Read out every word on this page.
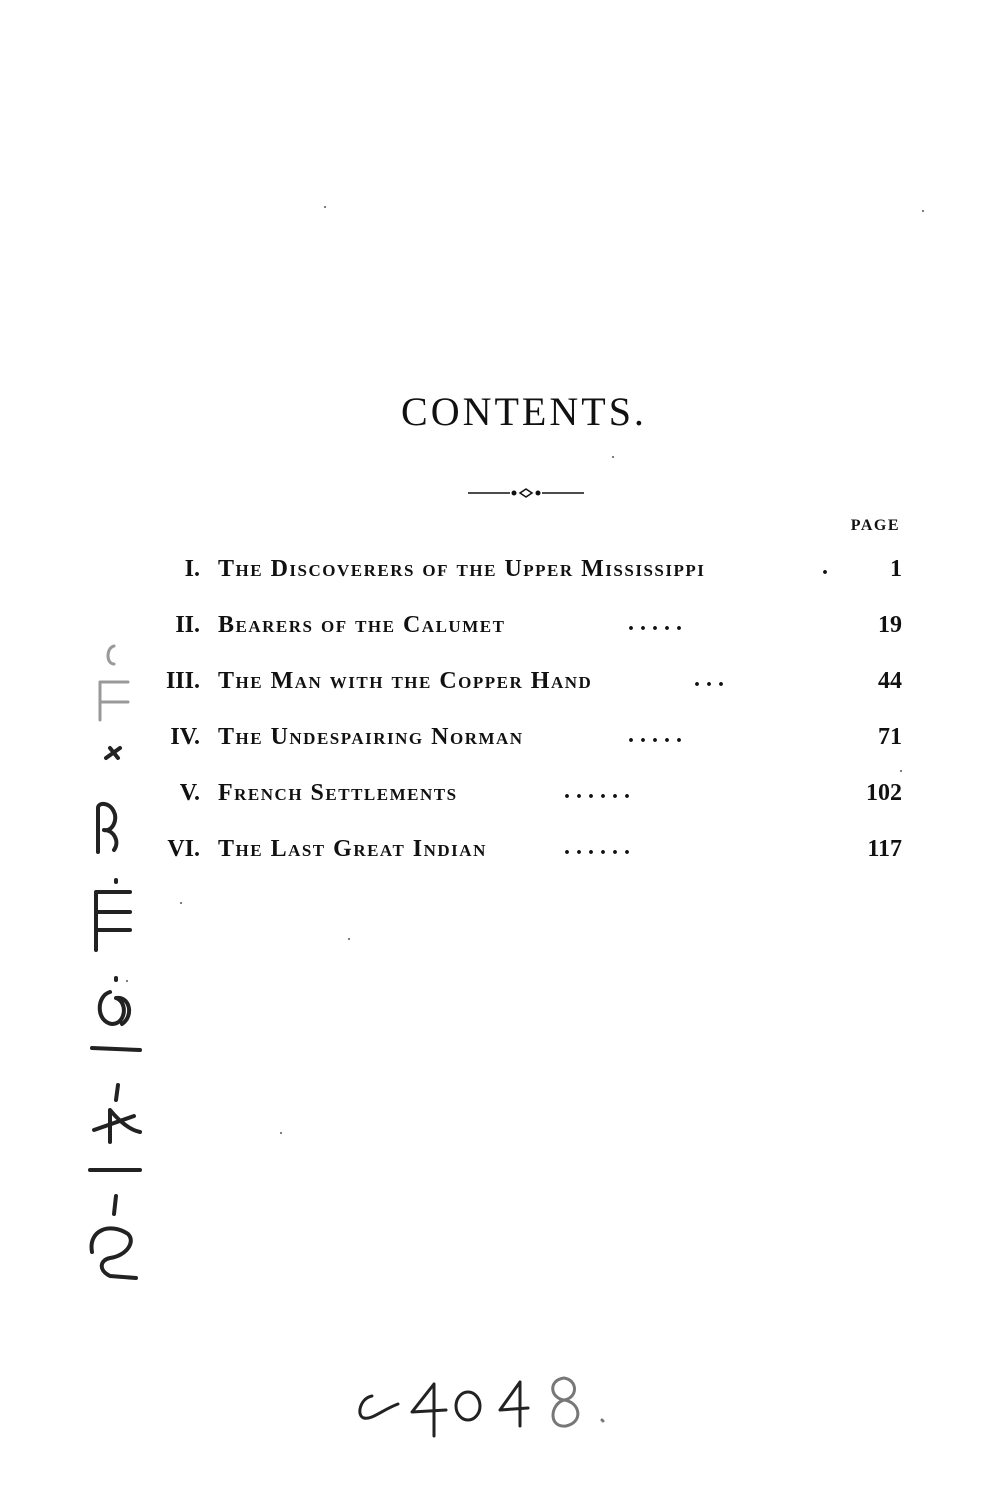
CONTENTS.
PAGE
I. The Discoverers of the Upper Mississippi	.	1
II. Bearers of the Calumet	. . . . .	19
III. The Man with the Copper Hand	. . .	44
IV. The Undespairing Norman	. . . . .	71
V. French Settlements	. . . . . .	102
VI. The Last Great Indian	. . . . . .	117
